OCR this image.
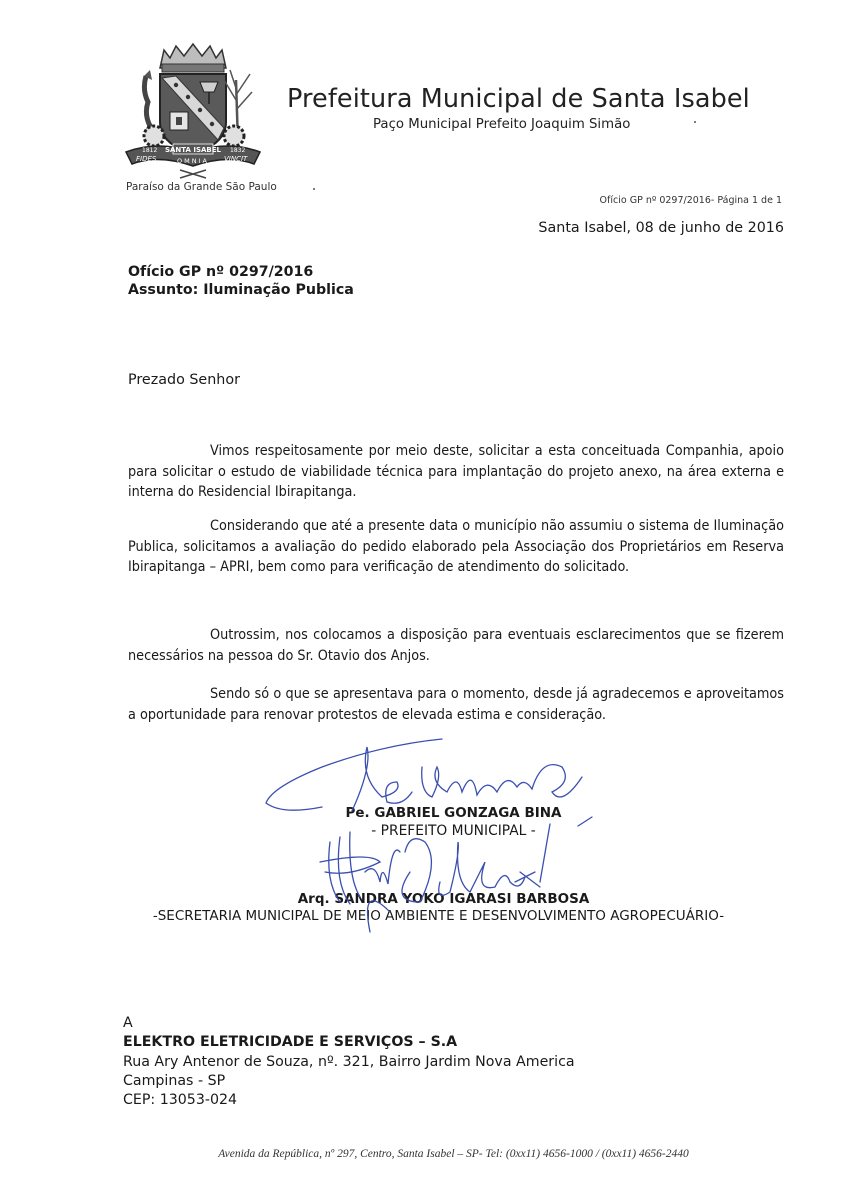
SANTA ISABEL
1812	1832
FIDES	OMNIA VINCIT
Paraíso da Grande São Paulo
Prefeitura Municipal de Santa Isabel
Paço Municipal Prefeito Joaquim Simão
Ofício GP nº 0297/2016- Página 1 de 1
Santa Isabel, 08 de junho de 2016
Ofício GP nº 0297/2016
Assunto: Iluminação Publica
Prezado Senhor

Vimos respeitosamente por meio deste, solicitar a esta conceituada Companhia, apoio para solicitar o estudo de viabilidade técnica para implantação do projeto anexo, na área externa e interna do Residencial Ibirapitanga.

Considerando que até a presente data o município não assumiu o sistema de Iluminação Publica, solicitamos a avaliação do pedido elaborado pela Associação dos Proprietários em Reserva Ibirapitanga – APRI, bem como para verificação de atendimento do solicitado.

Outrossim, nos colocamos a disposição para eventuais esclarecimentos que se fizerem necessários na pessoa do Sr. Otavio dos Anjos.

Sendo só o que se apresentava para o momento, desde já agradecemos e aproveitamos a oportunidade para renovar protestos de elevada estima e consideração.

Pe. GABRIEL GONZAGA BINA
- PREFEITO MUNICIPAL -
Arq. SANDRA YOKO IGARASI BARBOSA
-SECRETARIA MUNICIPAL DE MEIO AMBIENTE E DESENVOLVIMENTO AGROPECUÁRIO-
A
ELEKTRO ELETRICIDADE E SERVIÇOS – S.A
Rua Ary Antenor de Souza, nº. 321, Bairro Jardim Nova America
Campinas - SP
CEP: 13053-024
Avenida da República, nº 297, Centro, Santa Isabel – SP- Tel: (0xx11) 4656-1000 / (0xx11) 4656-2440
